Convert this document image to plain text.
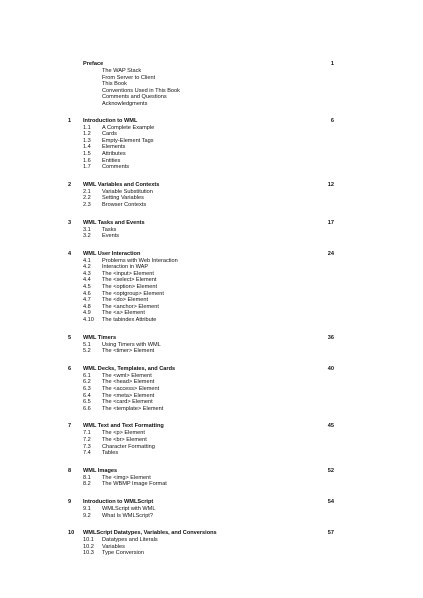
Preface	1
The WAP Stack
From Server to Client
This Book
Conventions Used in This Book
Comments and Questions
Acknowledgments
1	Introduction to WML	6
1.1 A Complete Example
1.2 Cards
1.3 Empty-Element Tags
1.4 Elements
1.5 Attributes
1.6 Entities
1.7 Comments
2	WML Variables and Contexts	12
2.1 Variable Substitution
2.2 Setting Variables
2.3 Browser Contexts
3	WML Tasks and Events	17
3.1 Tasks
3.2 Events
4	WML User Interaction	24
4.1 Problems with Web Interaction
4.2 Interaction in WAP
4.3 The <input> Element
4.4 The <select> Element
4.5 The <option> Element
4.6 The <optgroup> Element
4.7 The <do> Element
4.8 The <anchor> Element
4.9 The <a> Element
4.10 The tabindex Attribute
5	WML Timers	36
5.1 Using Timers with WML
5.2 The <timer> Element
6	WML Decks, Templates, and Cards	40
6.1 The <wml> Element
6.2 The <head> Element
6.3 The <access> Element
6.4 The <meta> Element
6.5 The <card> Element
6.6 The <template> Element
7	WML Text and Text Formatting	45
7.1 The <p> Element
7.2 The <br> Element
7.3 Character Formatting
7.4 Tables
8	WML Images	52
8.1 The <img> Element
8.2 The WBMP Image Format
9	Introduction to WMLScript	54
9.1 WMLScript with WML
9.2 What Is WMLScript?
10	WMLScript Datatypes, Variables, and Conversions	57
10.1 Datatypes and Literals
10.2 Variables
10.3 Type Conversion
